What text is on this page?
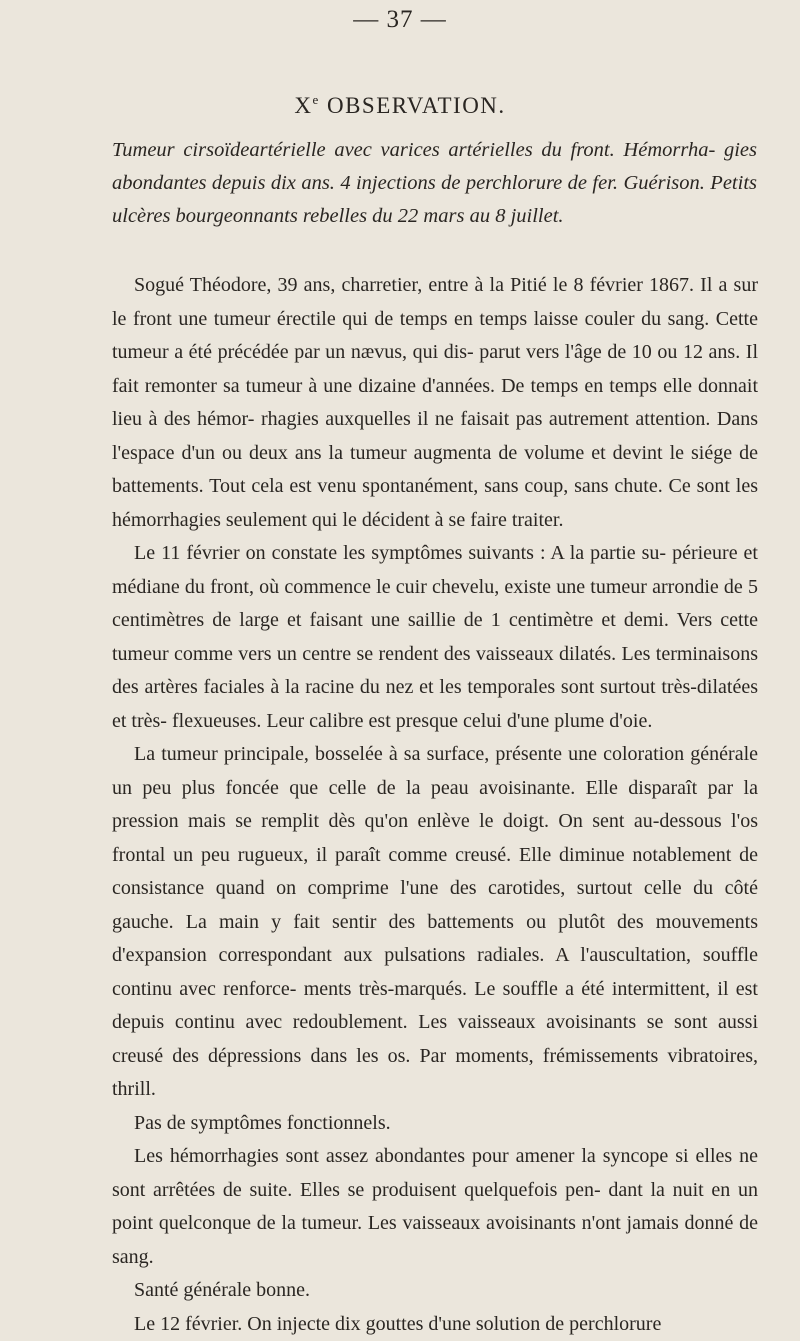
— 37 —
Xe OBSERVATION.
Tumeur cirsoïdeartérielle avec varices artérielles du front. Hémorrha- gies abondantes depuis dix ans. 4 injections de perchlorure de fer. Guérison. Petits ulcères bourgeonnants rebelles du 22 mars au 8 juillet.

Sogué Théodore, 39 ans, charretier, entre à la Pitié le 8 février 1867. Il a sur le front une tumeur érectile qui de temps en temps laisse couler du sang. Cette tumeur a été précédée par un nævus, qui dis- parut vers l'âge de 10 ou 12 ans. Il fait remonter sa tumeur à une dizaine d'années. De temps en temps elle donnait lieu à des hémor- rhagies auxquelles il ne faisait pas autrement attention. Dans l'espace d'un ou deux ans la tumeur augmenta de volume et devint le siége de battements. Tout cela est venu spontanément, sans coup, sans chute. Ce sont les hémorrhagies seulement qui le décident à se faire traiter.

Le 11 février on constate les symptômes suivants : A la partie su- périeure et médiane du front, où commence le cuir chevelu, existe une tumeur arrondie de 5 centimètres de large et faisant une saillie de 1 centimètre et demi. Vers cette tumeur comme vers un centre se rendent des vaisseaux dilatés. Les terminaisons des artères faciales à la racine du nez et les temporales sont surtout très-dilatées et très- flexueuses. Leur calibre est presque celui d'une plume d'oie.

La tumeur principale, bosselée à sa surface, présente une coloration générale un peu plus foncée que celle de la peau avoisinante. Elle disparaît par la pression mais se remplit dès qu'on enlève le doigt. On sent au-dessous l'os frontal un peu rugueux, il paraît comme creusé. Elle diminue notablement de consistance quand on comprime l'une des carotides, surtout celle du côté gauche. La main y fait sentir des battements ou plutôt des mouvements d'expansion correspondant aux pulsations radiales. A l'auscultation, souffle continu avec renforce- ments très-marqués. Le souffle a été intermittent, il est depuis continu avec redoublement. Les vaisseaux avoisinants se sont aussi creusé des dépressions dans les os. Par moments, frémissements vibratoires, thrill.

Pas de symptômes fonctionnels.

Les hémorrhagies sont assez abondantes pour amener la syncope si elles ne sont arrêtées de suite. Elles se produisent quelquefois pen- dant la nuit en un point quelconque de la tumeur. Les vaisseaux avoisinants n'ont jamais donné de sang.

Santé générale bonne.

Le 12 février. On injecte dix gouttes d'une solution de perchlorure
